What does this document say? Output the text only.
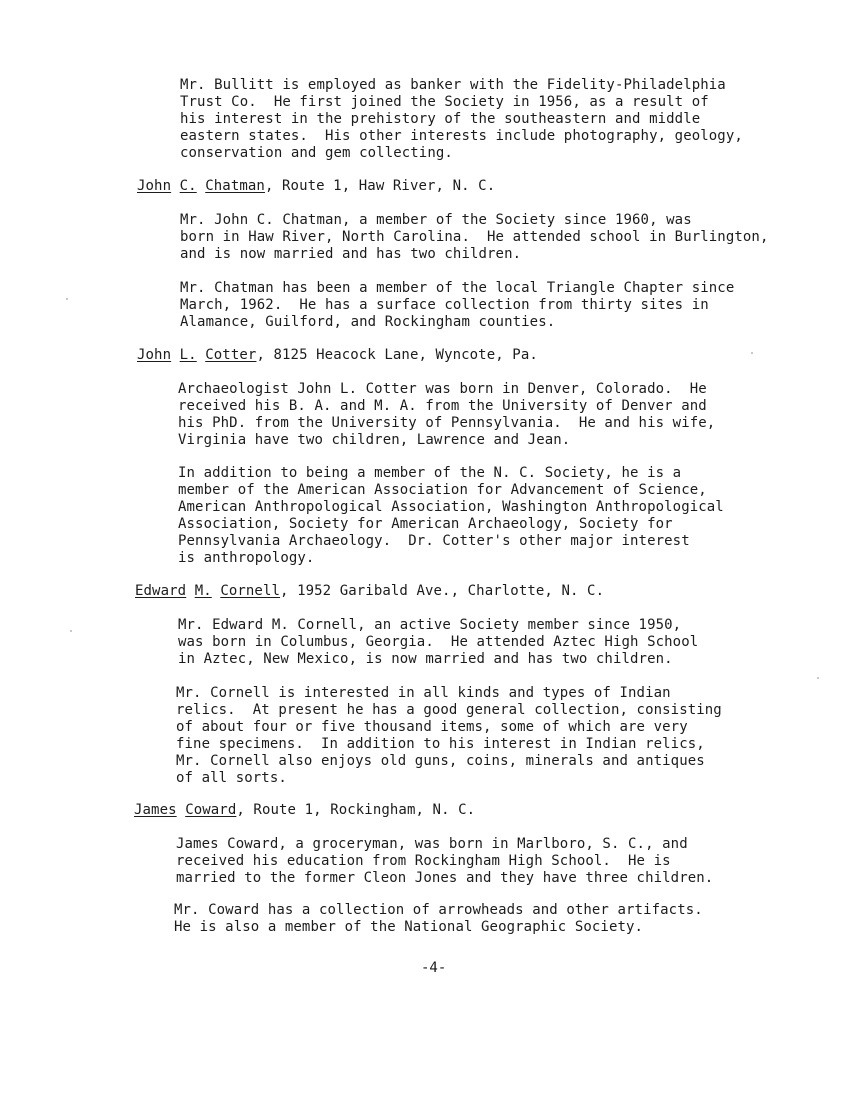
Mr. Bullitt is employed as banker with the Fidelity-Philadelphia
Trust Co.  He first joined the Society in 1956, as a result of
his interest in the prehistory of the southeastern and middle
eastern states.  His other interests include photography, geology,
conservation and gem collecting.
John C. Chatman, Route 1, Haw River, N. C.
Mr. John C. Chatman, a member of the Society since 1960, was
born in Haw River, North Carolina.  He attended school in Burlington,
and is now married and has two children.
Mr. Chatman has been a member of the local Triangle Chapter since
March, 1962.  He has a surface collection from thirty sites in
Alamance, Guilford, and Rockingham counties.
John L. Cotter, 8125 Heacock Lane, Wyncote, Pa.
Archaeologist John L. Cotter was born in Denver, Colorado.  He
received his B. A. and M. A. from the University of Denver and
his PhD. from the University of Pennsylvania.  He and his wife,
Virginia have two children, Lawrence and Jean.
In addition to being a member of the N. C. Society, he is a
member of the American Association for Advancement of Science,
American Anthropological Association, Washington Anthropological
Association, Society for American Archaeology, Society for
Pennsylvania Archaeology.  Dr. Cotter's other major interest
is anthropology.
Edward M. Cornell, 1952 Garibald Ave., Charlotte, N. C.
Mr. Edward M. Cornell, an active Society member since 1950,
was born in Columbus, Georgia.  He attended Aztec High School
in Aztec, New Mexico, is now married and has two children.
Mr. Cornell is interested in all kinds and types of Indian
relics.  At present he has a good general collection, consisting
of about four or five thousand items, some of which are very
fine specimens.  In addition to his interest in Indian relics,
Mr. Cornell also enjoys old guns, coins, minerals and antiques
of all sorts.
James Coward, Route 1, Rockingham, N. C.
James Coward, a groceryman, was born in Marlboro, S. C., and
received his education from Rockingham High School.  He is
married to the former Cleon Jones and they have three children.
Mr. Coward has a collection of arrowheads and other artifacts.
He is also a member of the National Geographic Society.
-4-
